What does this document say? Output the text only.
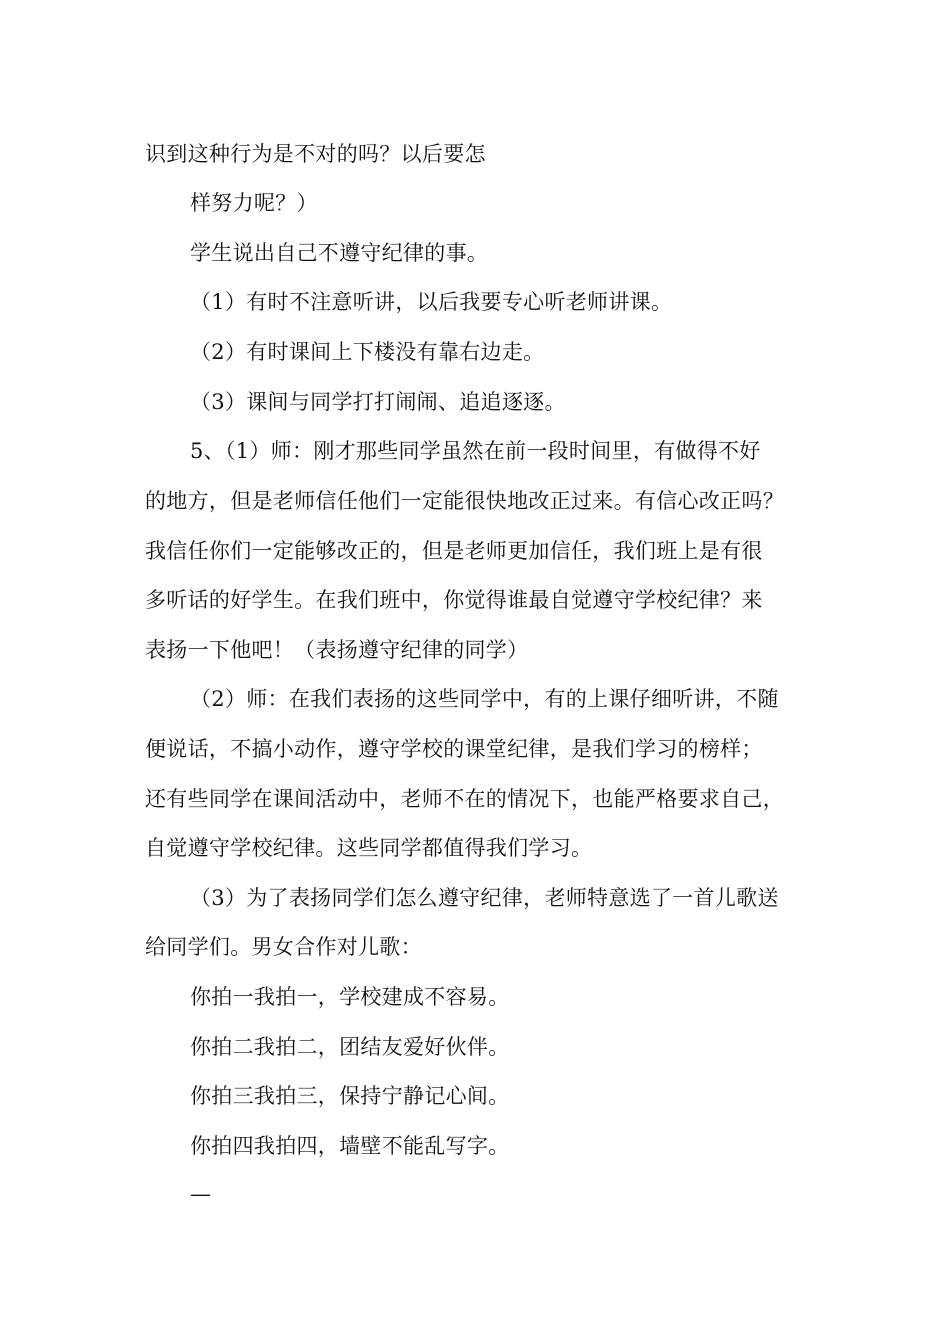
识到这种行为是不对的吗？以后要怎
样努力呢？）
学生说出自己不遵守纪律的事。
（1）有时不注意听讲，以后我要专心听老师讲课。
（2）有时课间上下楼没有靠右边走。
（3）课间与同学打打闹闹、追追逐逐。
5、（1）师：刚才那些同学虽然在前一段时间里，有做得不好
的地方，但是老师信任他们一定能很快地改正过来。有信心改正吗？
我信任你们一定能够改正的，但是老师更加信任，我们班上是有很
多听话的好学生。在我们班中，你觉得谁最自觉遵守学校纪律？来
表扬一下他吧！（表扬遵守纪律的同学）
（2）师：在我们表扬的这些同学中，有的上课仔细听讲，不随
便说话，不搞小动作，遵守学校的课堂纪律，是我们学习的榜样；
还有些同学在课间活动中，老师不在的情况下，也能严格要求自己，
自觉遵守学校纪律。这些同学都值得我们学习。
（3）为了表扬同学们怎么遵守纪律，老师特意选了一首儿歌送
给同学们。男女合作对儿歌：
你拍一我拍一，学校建成不容易。
你拍二我拍二，团结友爱好伙伴。
你拍三我拍三，保持宁静记心间。
你拍四我拍四，墙壁不能乱写字。
—
